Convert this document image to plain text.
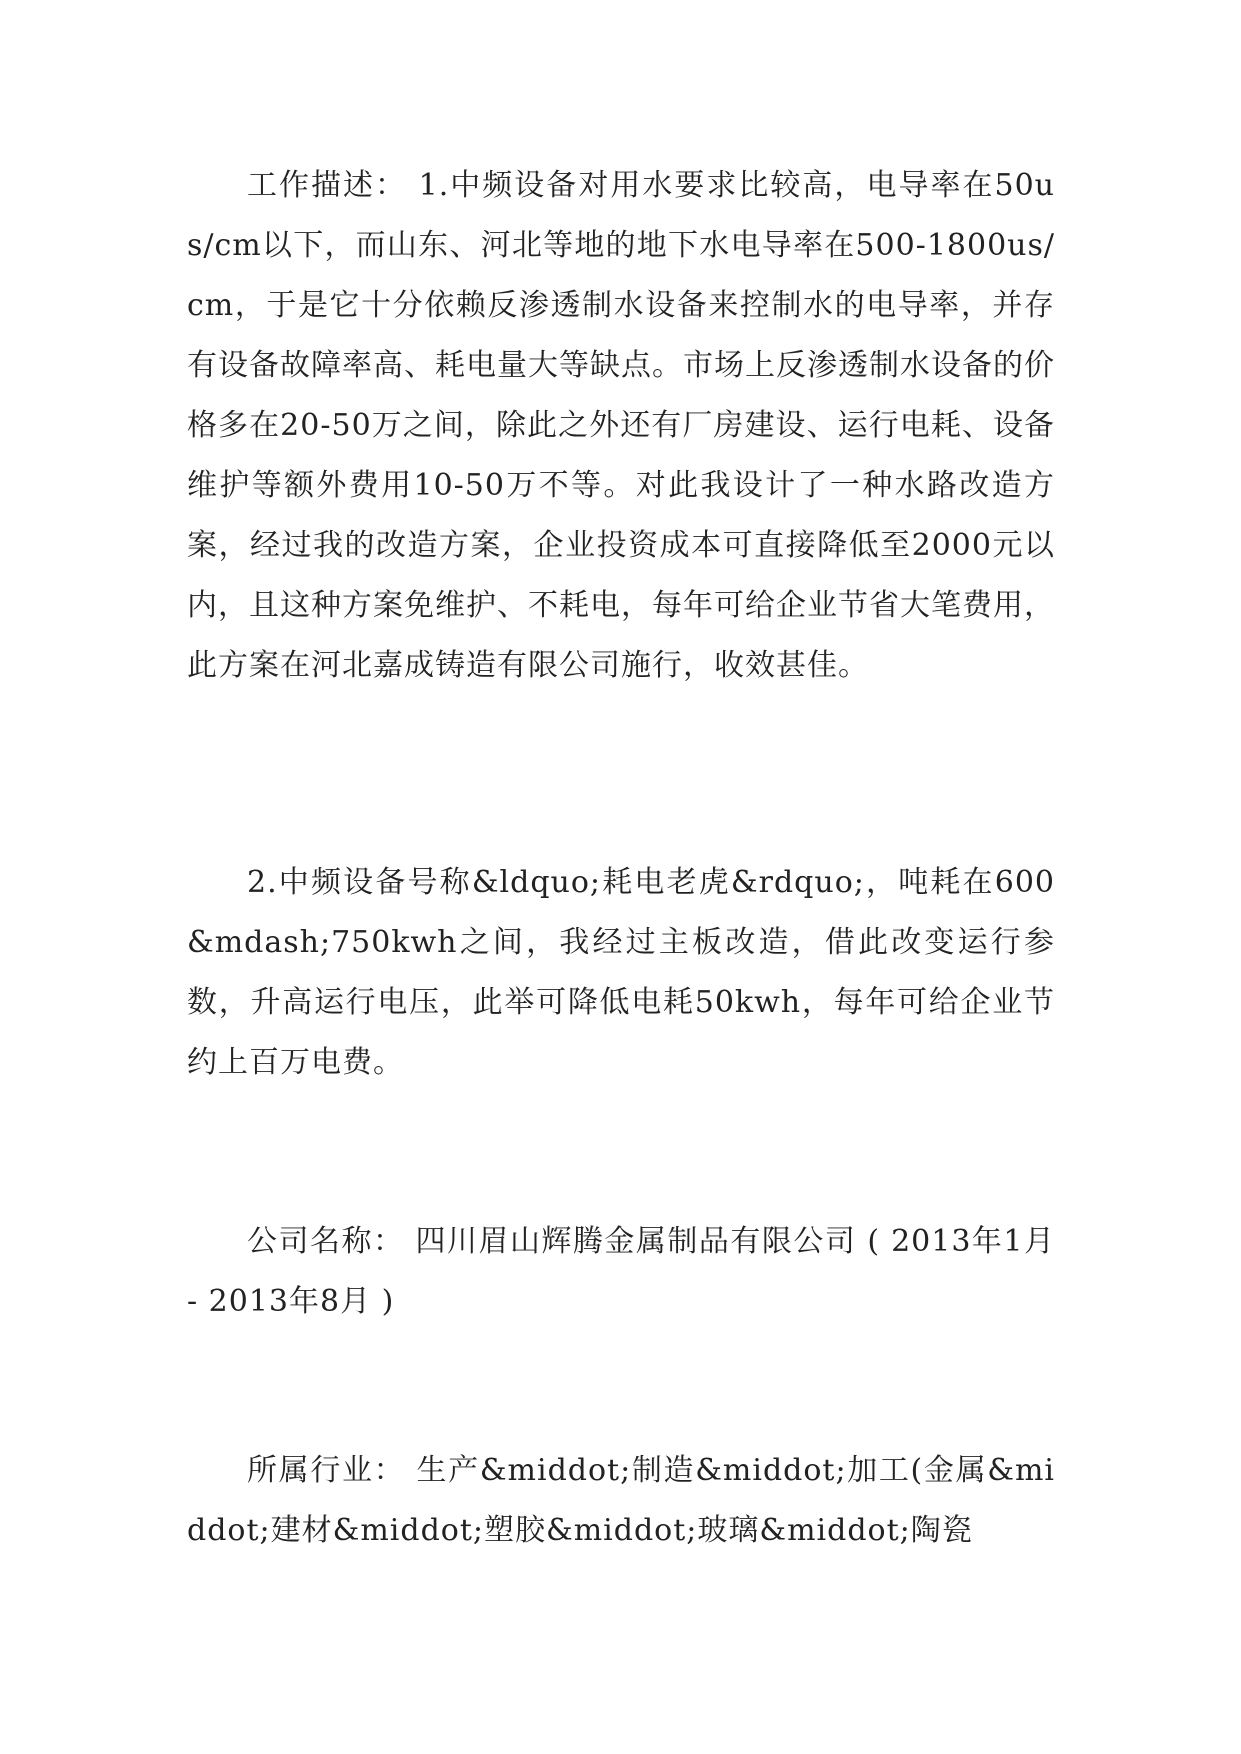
工作描述： 1.中频设备对用水要求比较高，电导率在50us/cm以下，而山东、河北等地的地下水电导率在500-1800us/cm，于是它十分依赖反渗透制水设备来控制水的电导率，并存有设备故障率高、耗电量大等缺点。市场上反渗透制水设备的价格多在20-50万之间，除此之外还有厂房建设、运行电耗、设备维护等额外费用10-50万不等。对此我设计了一种水路改造方案，经过我的改造方案，企业投资成本可直接降低至2000元以内，且这种方案免维护、不耗电，每年可给企业节省大笔费用，此方案在河北嘉成铸造有限公司施行，收效甚佳。

2.中频设备号称&ldquo;耗电老虎&rdquo;，吨耗在600&mdash;750kwh之间，我经过主板改造，借此改变运行参数，升高运行电压，此举可降低电耗50kwh，每年可给企业节约上百万电费。

公司名称： 四川眉山辉腾金属制品有限公司 ( 2013年1月 - 2013年8月 )

所属行业： 生产&middot;制造&middot;加工(金属&middot;建材&middot;塑胶&middot;玻璃&middot;陶瓷
